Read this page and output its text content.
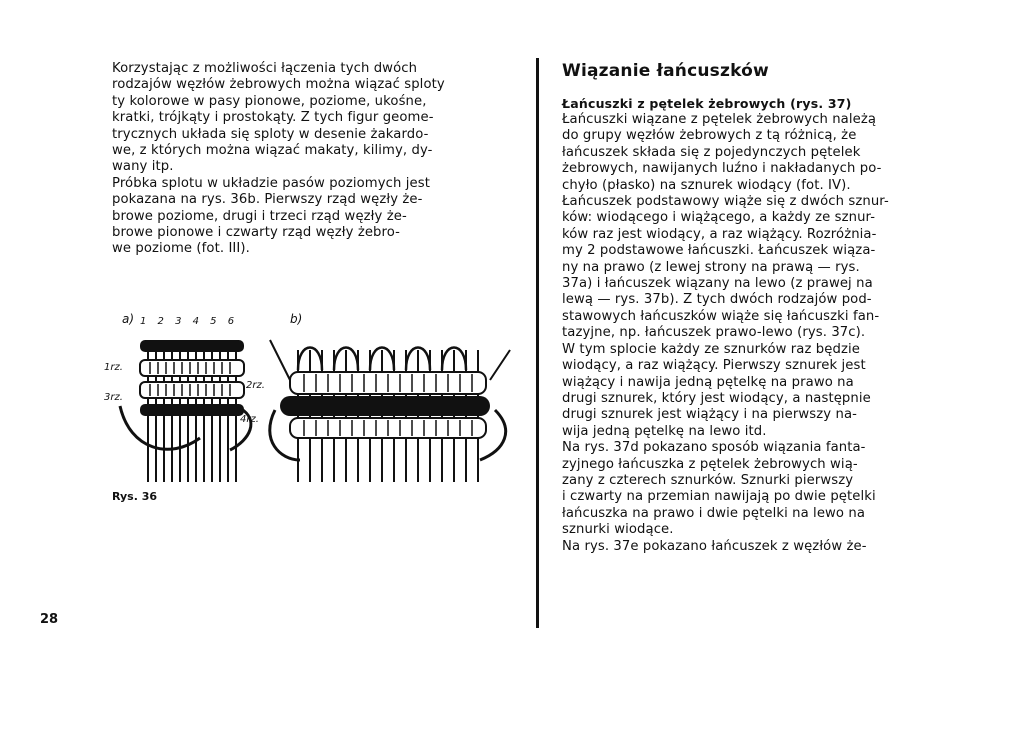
Korzystając z możliwości łączenia tych dwóch
rodzajów węzłów żebrowych można wiązać sploty
ty kolorowe w pasy pionowe, poziome, ukośne,
kratki, trójkąty i prostokąty. Z tych figur geome-
trycznych układa się sploty w desenie żakardo-
we, z których można wiązać makaty, kilimy, dy-
wany itp.

Próbka splotu w układzie pasów poziomych jest
pokazana na rys. 36b. Pierwszy rząd węzły że-
browe poziome, drugi i trzeci rząd węzły że-
browe pionowe i czwarty rząd węzły żebro-
we poziome (fot. III).

a) 1 2 3 4 5 6	b)
1rz.
2rz.
3rz.
4rz.
Rys. 36
28
Wiązanie łańcuszków
Łańcuszki z pętelek żebrowych (rys. 37)

Łańcuszki wiązane z pętelek żebrowych należą
do grupy węzłów żebrowych z tą różnicą, że
łańcuszek składa się z pojedynczych pętelek
żebrowych, nawijanych luźno i nakładanych po-
chyło (płasko) na sznurek wiodący (fot. IV).
Łańcuszek podstawowy wiąże się z dwóch sznur-
ków: wiodącego i wiążącego, a każdy ze sznur-
ków raz jest wiodący, a raz wiążący. Rozróżnia-
my 2 podstawowe łańcuszki. Łańcuszek wiąza-
ny na prawo (z lewej strony na prawą — rys.
37a) i łańcuszek wiązany na lewo (z prawej na
lewą — rys. 37b). Z tych dwóch rodzajów pod-
stawowych łańcuszków wiąże się łańcuszki fan-
tazyjne, np. łańcuszek prawo-lewo (rys. 37c).
W tym splocie każdy ze sznurków raz będzie
wiodący, a raz wiążący. Pierwszy sznurek jest
wiążący i nawija jedną pętelkę na prawo na
drugi sznurek, który jest wiodący, a następnie
drugi sznurek jest wiążący i na pierwszy na-
wija jedną pętelkę na lewo itd.
Na rys. 37d pokazano sposób wiązania fanta-
zyjnego łańcuszka z pętelek żebrowych wią-
zany z czterech sznurków. Sznurki pierwszy
i czwarty na przemian nawijają po dwie pętelki
łańcuszka na prawo i dwie pętelki na lewo na
sznurki wiodące.
Na rys. 37e pokazano łańcuszek z węzłów że-
